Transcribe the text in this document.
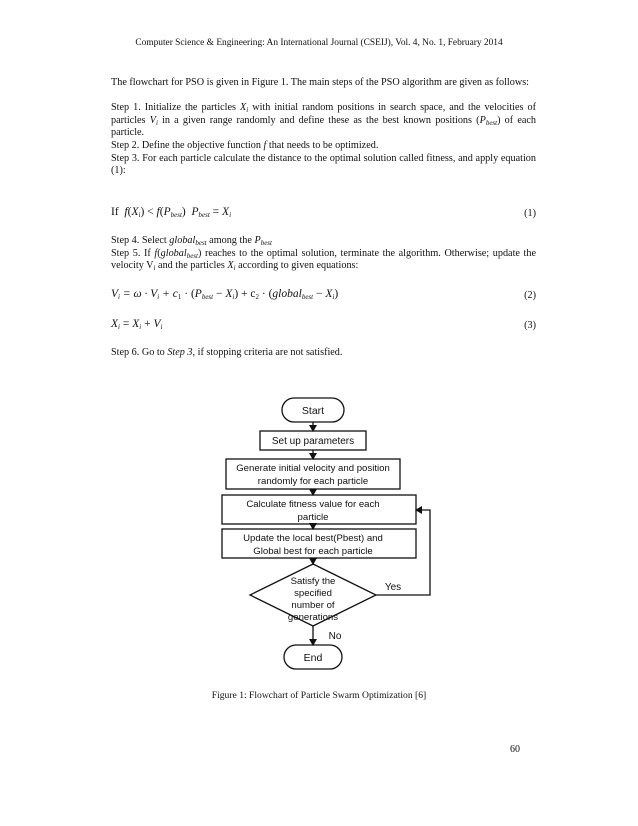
Computer Science & Engineering: An International Journal (CSEIJ), Vol. 4, No. 1, February 2014

The flowchart for PSO is given in Figure 1. The main steps of the PSO algorithm are given as follows:

Step 1. Initialize the particles $X_i$ with initial random positions in search space, and the velocities of particles $V_i$ in a given range randomly and define these as the best known positions $(P_{best})$ of each particle.

Step 2. Define the objective function f that needs to be optimized.

Step 3. For each particle calculate the distance to the optimal solution called fitness, and apply equation (1):

If $f(X_i) < f(P_{best}) P_{best} = X_i$	(1)

Step 4. Select global$_{best}$ among the $P_{best}$

Step 5. If f(global$_{best}$) reaches to the optimal solution, terminate the algorithm. Otherwise; update the velocity $V_i$ and the particles $X_i$ according to given equations:

$V_i = \omega \cdot V_i + c_1 \cdot (P_{best} - X_i) + c_2$ · (global$_{best}$ − $X_i$)	(2)
$X_i = X_i + V_i$	(3)

Step 6. Go to Step 3, if stopping criteria are not satisfied.

Start
Set up parameters
Generate initial velocity and position
randomly for each particle
Calculate fitness value for each
particle
Update the local best(Pbest) and
Global best for each particle
Satisfy the
specified
number of
generations
Yes
No
End
Figure 1: Flowchart of Particle Swarm Optimization [6]
60
